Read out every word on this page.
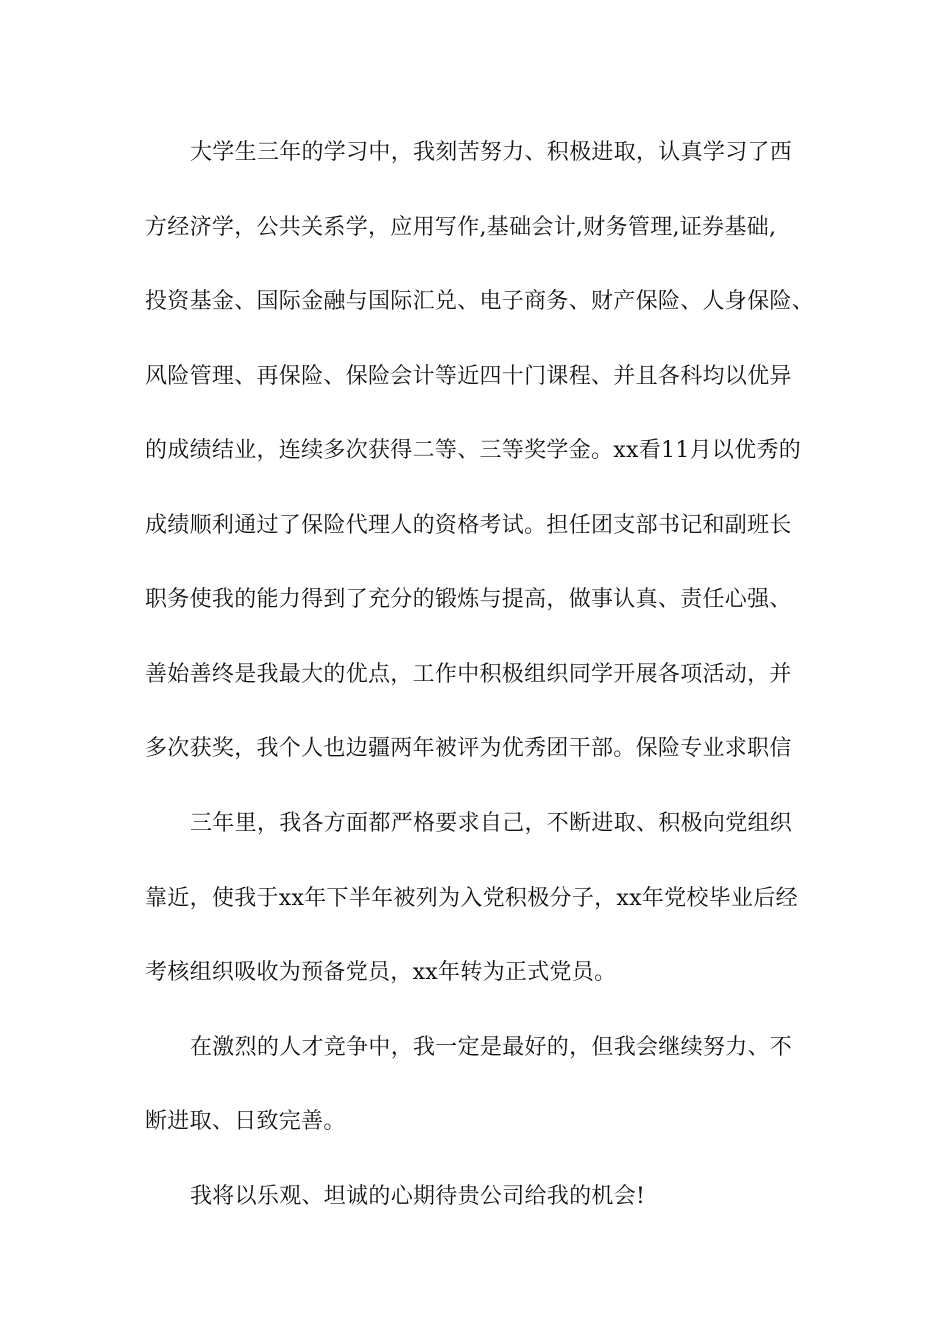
大学生三年的学习中，我刻苦努力、积极进取，认真学习了西
方经济学，公共关系学，应用写作,基础会计,财务管理,证券基础,
投资基金、国际金融与国际汇兑、电子商务、财产保险、人身保险、
风险管理、再保险、保险会计等近四十门课程、并且各科均以优异
的成绩结业，连续多次获得二等、三等奖学金。xx看11月以优秀的
成绩顺利通过了保险代理人的资格考试。担任团支部书记和副班长
职务使我的能力得到了充分的锻炼与提高，做事认真、责任心强、
善始善终是我最大的优点，工作中积极组织同学开展各项活动，并
多次获奖，我个人也边疆两年被评为优秀团干部。保险专业求职信
三年里，我各方面都严格要求自己，不断进取、积极向党组织
靠近，使我于xx年下半年被列为入党积极分子，xx年党校毕业后经
考核组织吸收为预备党员，xx年转为正式党员。
在激烈的人才竞争中，我一定是最好的，但我会继续努力、不
断进取、日致完善。
我将以乐观、坦诚的心期待贵公司给我的机会!
